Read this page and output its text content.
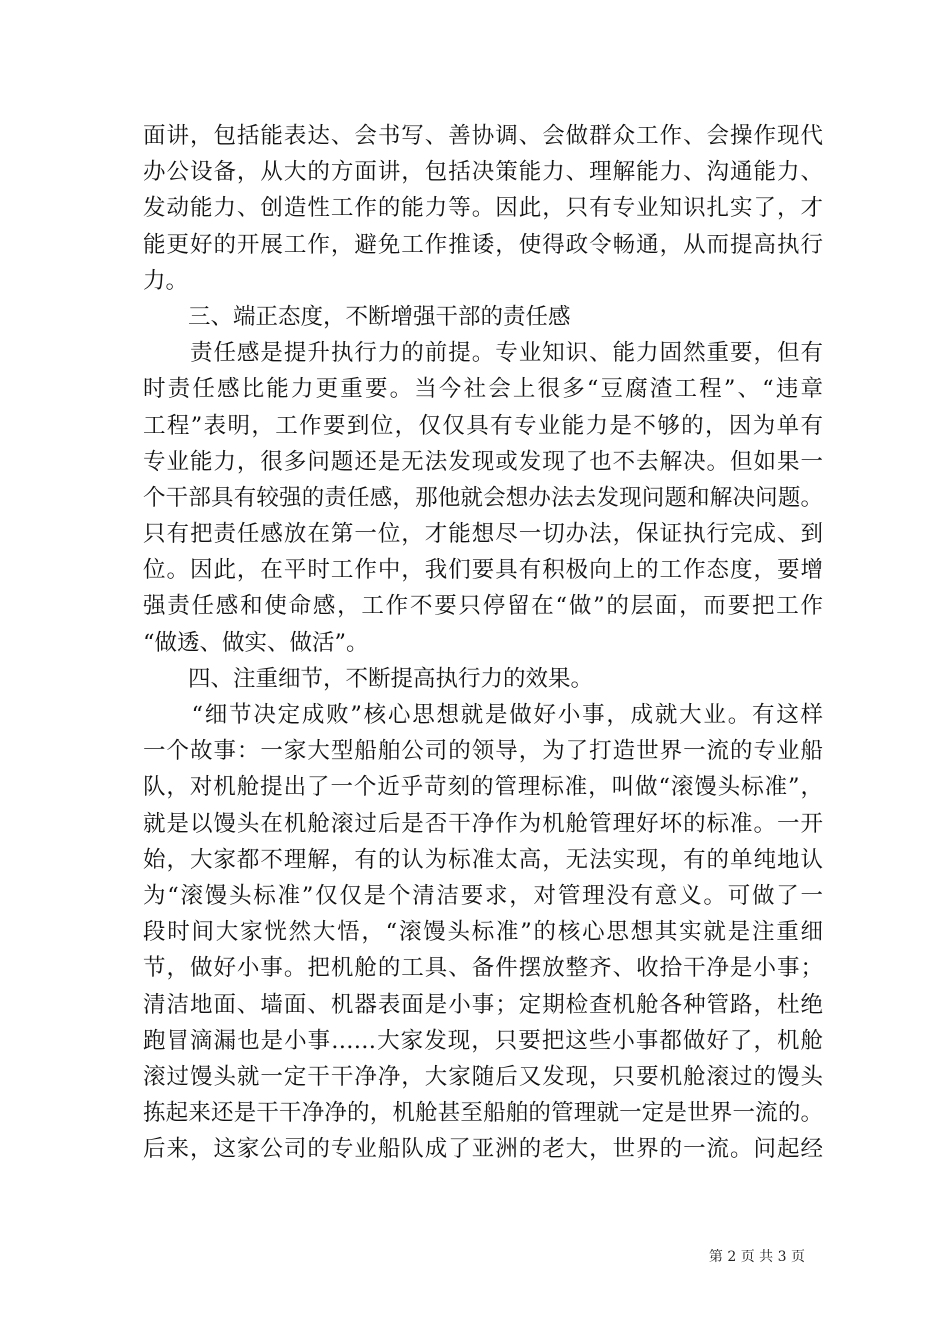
面讲，包括能表达、会书写、善协调、会做群众工作、会操作现代
办公设备，从大的方面讲，包括决策能力、理解能力、沟通能力、
发动能力、创造性工作的能力等。因此，只有专业知识扎实了，才
能更好的开展工作，避免工作推诿，使得政令畅通，从而提高执行
力。
　　三、端正态度，不断增强干部的责任感
　　责任感是提升执行力的前提。专业知识、能力固然重要，但有
时责任感比能力更重要。当今社会上很多“豆腐渣工程”、“违章
工程”表明，工作要到位，仅仅具有专业能力是不够的，因为单有
专业能力，很多问题还是无法发现或发现了也不去解决。但如果一
个干部具有较强的责任感，那他就会想办法去发现问题和解决问题。
只有把责任感放在第一位，才能想尽一切办法，保证执行完成、到
位。因此，在平时工作中，我们要具有积极向上的工作态度，要增
强责任感和使命感，工作不要只停留在“做”的层面，而要把工作
“做透、做实、做活”。
　　四、注重细节，不断提高执行力的效果。
　　“细节决定成败”核心思想就是做好小事，成就大业。有这样
一个故事：一家大型船舶公司的领导，为了打造世界一流的专业船
队，对机舱提出了一个近乎苛刻的管理标准，叫做“滚馒头标准”，
就是以馒头在机舱滚过后是否干净作为机舱管理好坏的标准。一开
始，大家都不理解，有的认为标准太高，无法实现，有的单纯地认
为“滚馒头标准”仅仅是个清洁要求，对管理没有意义。可做了一
段时间大家恍然大悟，“滚馒头标准”的核心思想其实就是注重细
节，做好小事。把机舱的工具、备件摆放整齐、收拾干净是小事；
清洁地面、墙面、机器表面是小事；定期检查机舱各种管路，杜绝
跑冒滴漏也是小事……大家发现，只要把这些小事都做好了，机舱
滚过馒头就一定干干净净，大家随后又发现，只要机舱滚过的馒头
拣起来还是干干净净的，机舱甚至船舶的管理就一定是世界一流的。
后来，这家公司的专业船队成了亚洲的老大，世界的一流。问起经
第 2 页 共 3 页
